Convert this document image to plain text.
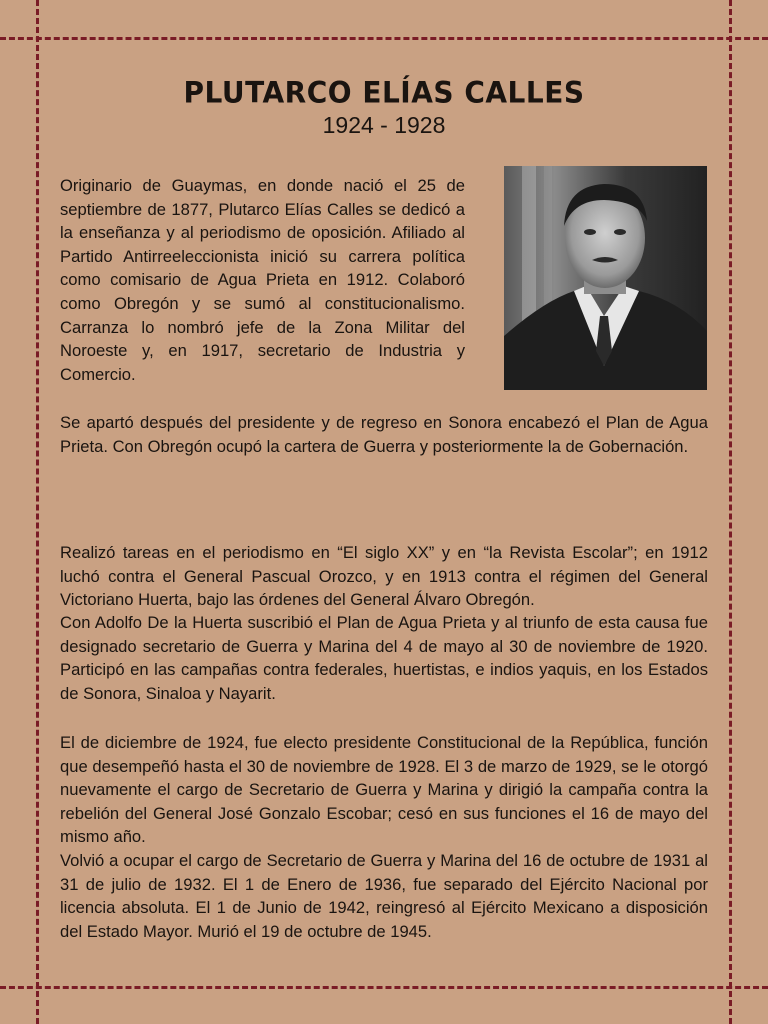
PLUTARCO ELÍAS CALLES
1924 - 1928

Originario de Guaymas, en donde nació el 25 de septiembre de 1877, Plutarco Elías Calles se dedicó a la enseñanza y al periodismo de oposición. Afiliado al Partido Antirreeleccionista inició su carrera política como comisario de Agua Prieta en 1912. Colaboró como Obregón y se sumó al constitucionalismo. Carranza lo nombró jefe de la Zona Militar del Noroeste y, en 1917, secretario de Industria y Comercio.

Se apartó después del presidente y de regreso en Sonora encabezó el Plan de Agua Prieta. Con Obregón ocupó la cartera de Guerra y posteriormente la de Gobernación.

Realizó tareas en el periodismo en “El siglo XX” y en “la Revista Escolar”; en 1912 luchó contra el General Pascual Orozco, y en 1913 contra el régimen del General Victoriano Huerta, bajo las órdenes del General Álvaro Obregón.

Con Adolfo De la Huerta suscribió el Plan de Agua Prieta y al triunfo de esta causa fue designado secretario de Guerra y Marina del 4 de mayo al 30 de noviembre de 1920. Participó en las campañas contra federales, huertistas, e indios yaquis, en los Estados de Sonora, Sinaloa y Nayarit.

El de diciembre de 1924, fue electo presidente Constitucional de la República, función que desempeñó hasta el 30 de noviembre de 1928. El 3 de marzo de 1929, se le otorgó nuevamente el cargo de Secretario de Guerra y Marina y dirigió la campaña contra la rebelión del General José Gonzalo Escobar; cesó en sus funciones el 16 de mayo del mismo año.

Volvió a ocupar el cargo de Secretario de Guerra y Marina del 16 de octubre de 1931 al 31 de julio de 1932. El 1 de Enero de 1936, fue separado del Ejército Nacional por licencia absoluta. El 1 de Junio de 1942, reingresó al Ejército Mexicano a disposición del Estado Mayor. Murió el 19 de octubre de 1945.
